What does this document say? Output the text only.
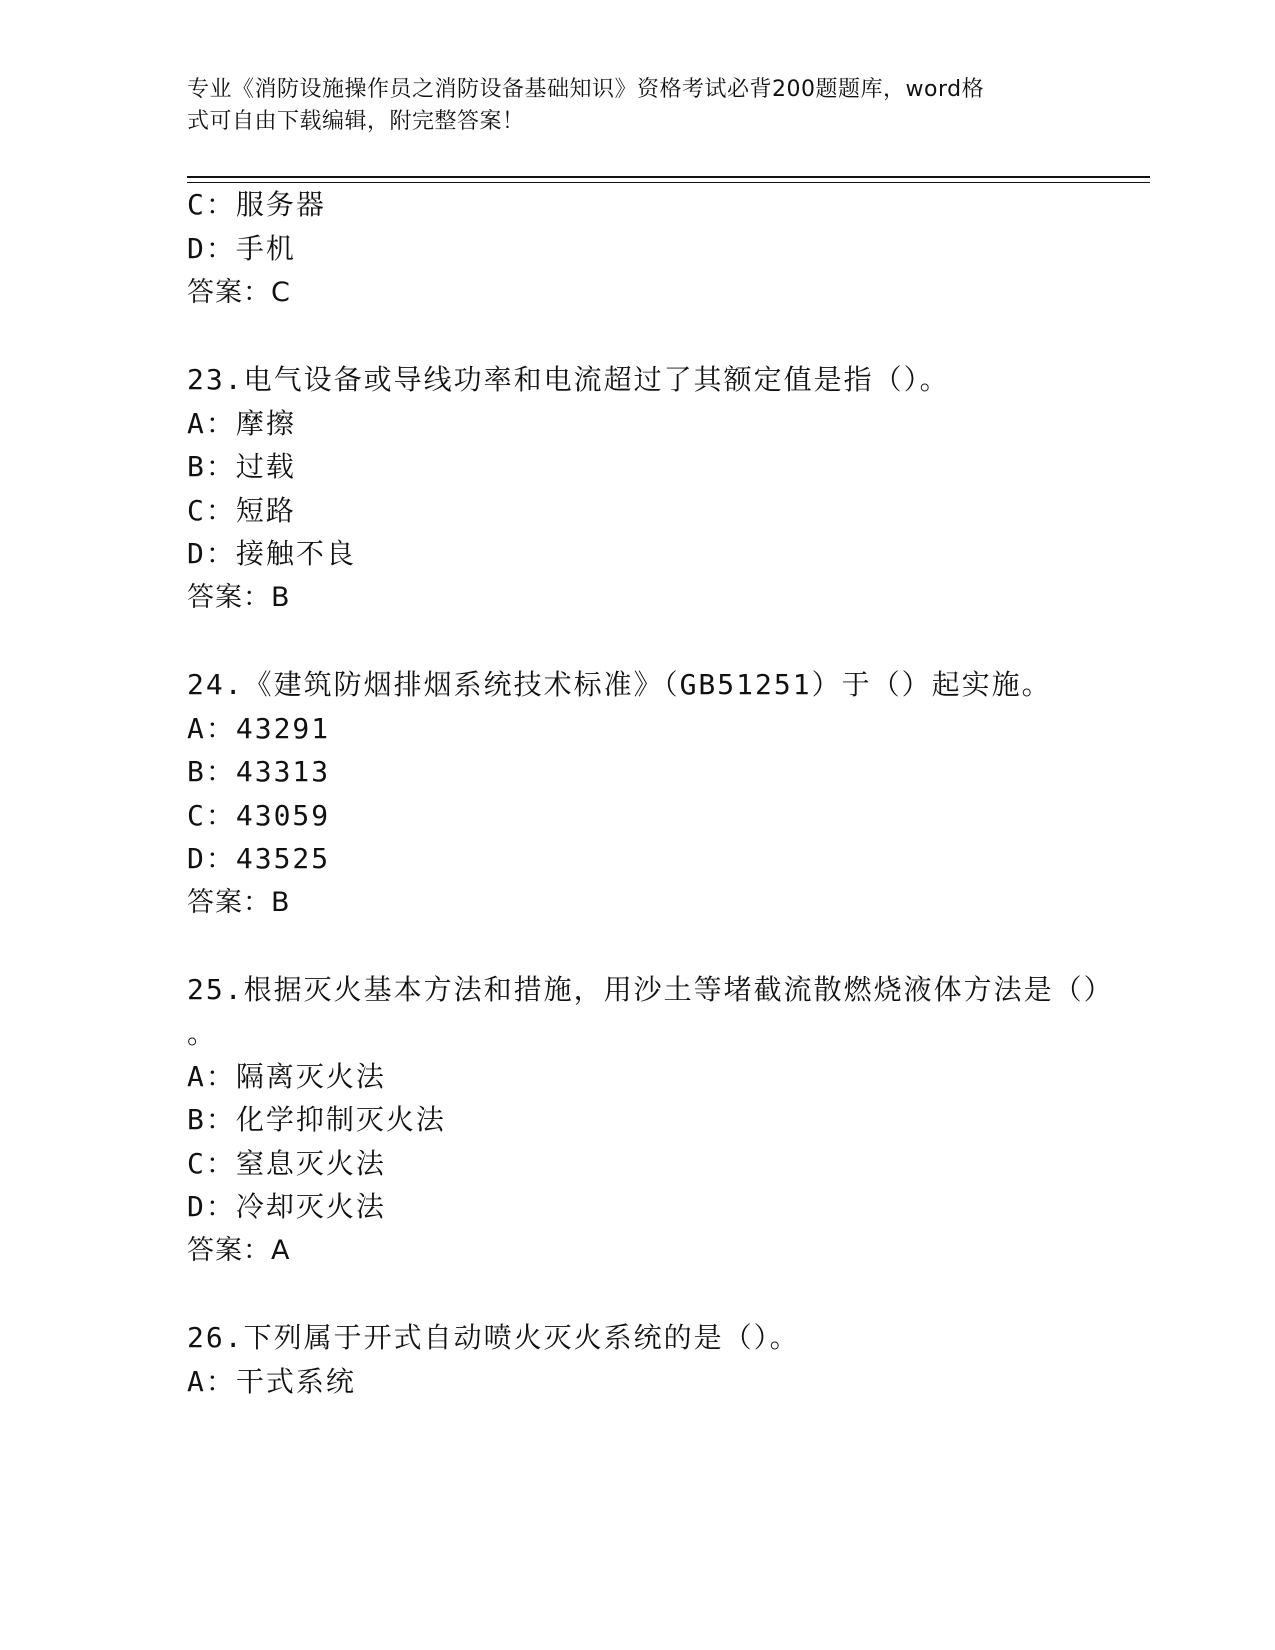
专业《消防设施操作员之消防设备基础知识》资格考试必背200题题库，word格
式可自由下载编辑，附完整答案！
C：服务器
D：手机
答案：C
23.电气设备或导线功率和电流超过了其额定值是指（）。
A：摩擦
B：过载
C：短路
D：接触不良
答案：B
24.《建筑防烟排烟系统技术标准》（GB51251）于（）起实施。
A：43291
B：43313
C：43059
D：43525
答案：B
25.根据灭火基本方法和措施，用沙土等堵截流散燃烧液体方法是（）
。
A：隔离灭火法
B：化学抑制灭火法
C：窒息灭火法
D：冷却灭火法
答案：A
26.下列属于开式自动喷火灭火系统的是（）。
A：干式系统
